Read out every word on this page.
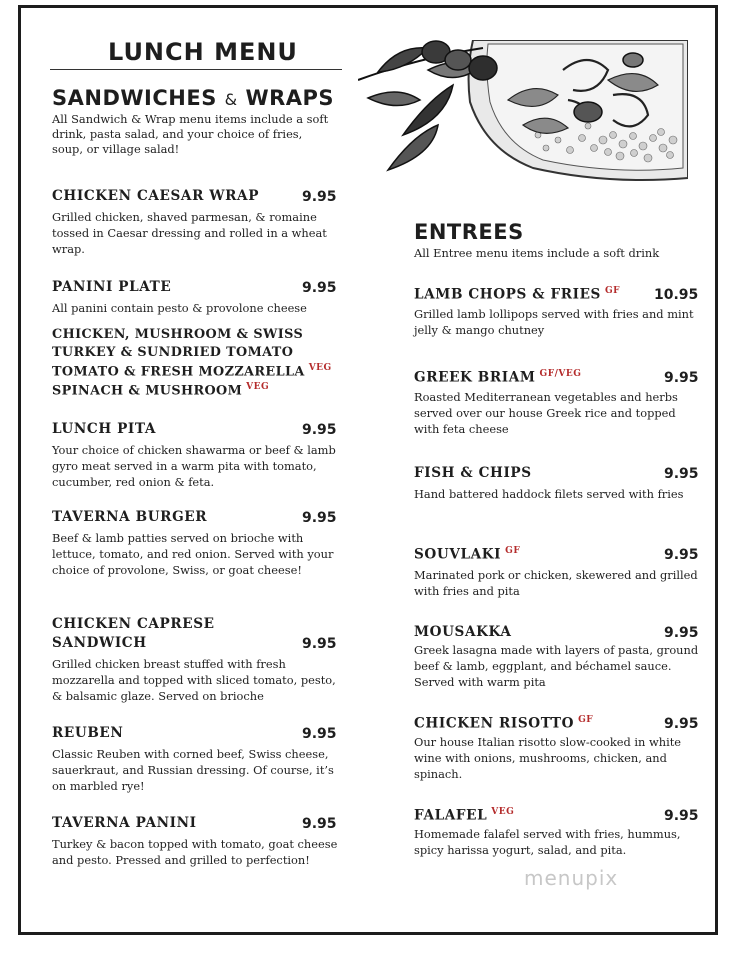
LUNCH MENU
SANDWICHES & WRAPS
All Sandwich & Wrap menu items include a soft drink, pasta salad, and your choice of fries, soup, or village salad!
CHICKEN CAESAR WRAP	9.95
Grilled chicken, shaved parmesan, & romaine tossed in Caesar dressing and rolled in a wheat wrap.
PANINI PLATE	9.95
All panini contain pesto & provolone cheese
CHICKEN, MUSHROOM & SWISS
TURKEY & SUNDRIED TOMATO
TOMATO & FRESH MOZZARELLA $^{VEG}$
SPINACH & MUSHROOM $^{VEG}$
LUNCH PITA	9.95
Your choice of chicken shawarma or beef & lamb gyro meat served in a warm pita with tomato, cucumber, red onion & feta.
TAVERNA BURGER	9.95
Beef & lamb patties served on brioche with lettuce, tomato, and red onion. Served with your choice of provolone, Swiss, or goat cheese!
CHICKEN CAPRESE
SANDWICH	9.95
Grilled chicken breast stuffed with fresh mozzarella and topped with sliced tomato, pesto, & balsamic glaze. Served on brioche
REUBEN	9.95
Classic Reuben with corned beef, Swiss cheese, sauerkraut, and Russian dressing. Of course, it’s on marbled rye!
TAVERNA PANINI	9.95
Turkey & bacon topped with tomato, goat cheese and pesto. Pressed and grilled to perfection!
ENTREES
All Entree menu items include a soft drink
LAMB CHOPS & FRIES $^{GF}$ 10.95
Grilled lamb lollipops served with fries and mint jelly & mango chutney
GREEK BRIAM $^{GF/VEG}$	9.95
Roasted Mediterranean vegetables and herbs served over our house Greek rice and topped with feta cheese
FISH & CHIPS	9.95
Hand battered haddock filets served with fries
SOUVLAKI $^{GF}$	9.95
Marinated pork or chicken, skewered and grilled with fries and pita
MOUSAKKA	9.95
Greek lasagna made with layers of pasta, ground beef & lamb, eggplant, and béchamel sauce. Served with warm pita
CHICKEN RISOTTO $^{GF}$	9.95
Our house Italian risotto slow-cooked in white wine with onions, mushrooms, chicken, and spinach.
FALAFEL $^{VEG}$	9.95
Homemade falafel served with fries, hummus, spicy harissa yogurt, salad, and pita.
menupix
